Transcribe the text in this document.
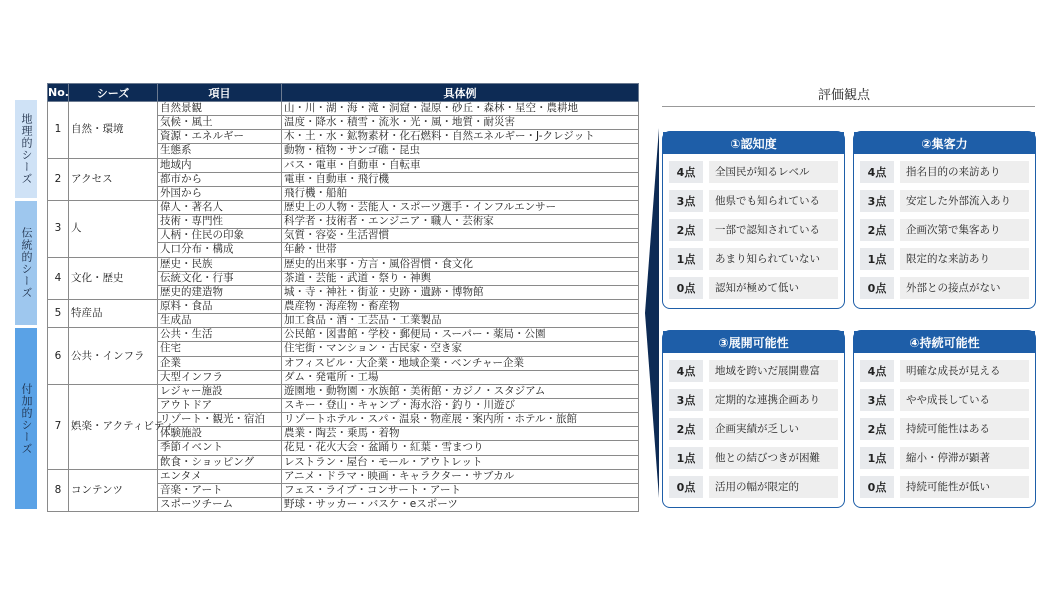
地理的シーズ
伝統的シーズ
付加的シーズ
No.	シーズ	項目	具体例
1	自然・環境	自然景観	山・川・湖・海・滝・洞窟・湿原・砂丘・森林・星空・農耕地
		気候・風土	温度・降水・積雪・流氷・光・風・地質・耐災害
		資源・エネルギー	木・土・水・鉱物素材・化石燃料・自然エネルギー・J-クレジット
		生態系	動物・植物・サンゴ礁・昆虫
2	アクセス	地域内	バス・電車・自動車・自転車
		都市から	電車・自動車・飛行機
		外国から	飛行機・船舶
3	人	偉人・著名人	歴史上の人物・芸能人・スポーツ選手・インフルエンサー
		技術・専門性	科学者・技術者・エンジニア・職人・芸術家
		人柄・住民の印象	気質・容姿・生活習慣
		人口分布・構成	年齢・世帯
4	文化・歴史	歴史・民族	歴史的出来事・方言・風俗習慣・食文化
		伝統文化・行事	茶道・芸能・武道・祭り・神輿
		歴史的建造物	城・寺・神社・街並・史跡・遺跡・博物館
5	特産品	原料・食品	農産物・海産物・畜産物
		生成品	加工食品・酒・工芸品・工業製品
6	公共・インフラ	公共・生活	公民館・図書館・学校・郵便局・スーパー・薬局・公園
		住宅	住宅街・マンション・古民家・空き家
		企業	オフィスビル・大企業・地域企業・ベンチャー企業
		大型インフラ	ダム・発電所・工場
7	娯楽・アクティビティ	レジャー施設	遊園地・動物園・水族館・美術館・カジノ・スタジアム
		アウトドア	スキー・登山・キャンプ・海水浴・釣り・川遊び
		リゾート・観光・宿泊	リゾートホテル・スパ・温泉・物産展・案内所・ホテル・旅館
		体験施設	農業・陶芸・乗馬・着物
		季節イベント	花見・花火大会・盆踊り・紅葉・雪まつり
		飲食・ショッピング	レストラン・屋台・モール・アウトレット
8	コンテンツ	エンタメ	アニメ・ドラマ・映画・キャラクター・サブカル
		音楽・アート	フェス・ライブ・コンサート・アート
		スポーツチーム	野球・サッカー・バスケ・eスポーツ
評価観点
①認知度
4点	全国民が知るレベル
3点	他県でも知られている
2点	一部で認知されている
1点	あまり知られていない
0点	認知が極めて低い
②集客力
4点	指名目的の来訪あり
3点	安定した外部流入あり
2点	企画次第で集客あり
1点	限定的な来訪あり
0点	外部との接点がない
③展開可能性
4点	地域を跨いだ展開豊富
3点	定期的な連携企画あり
2点	企画実績が乏しい
1点	他との結びつきが困難
0点	活用の幅が限定的
④持続可能性
4点	明確な成長が見える
3点	やや成長している
2点	持続可能性はある
1点	縮小・停滞が顕著
0点	持続可能性が低い
